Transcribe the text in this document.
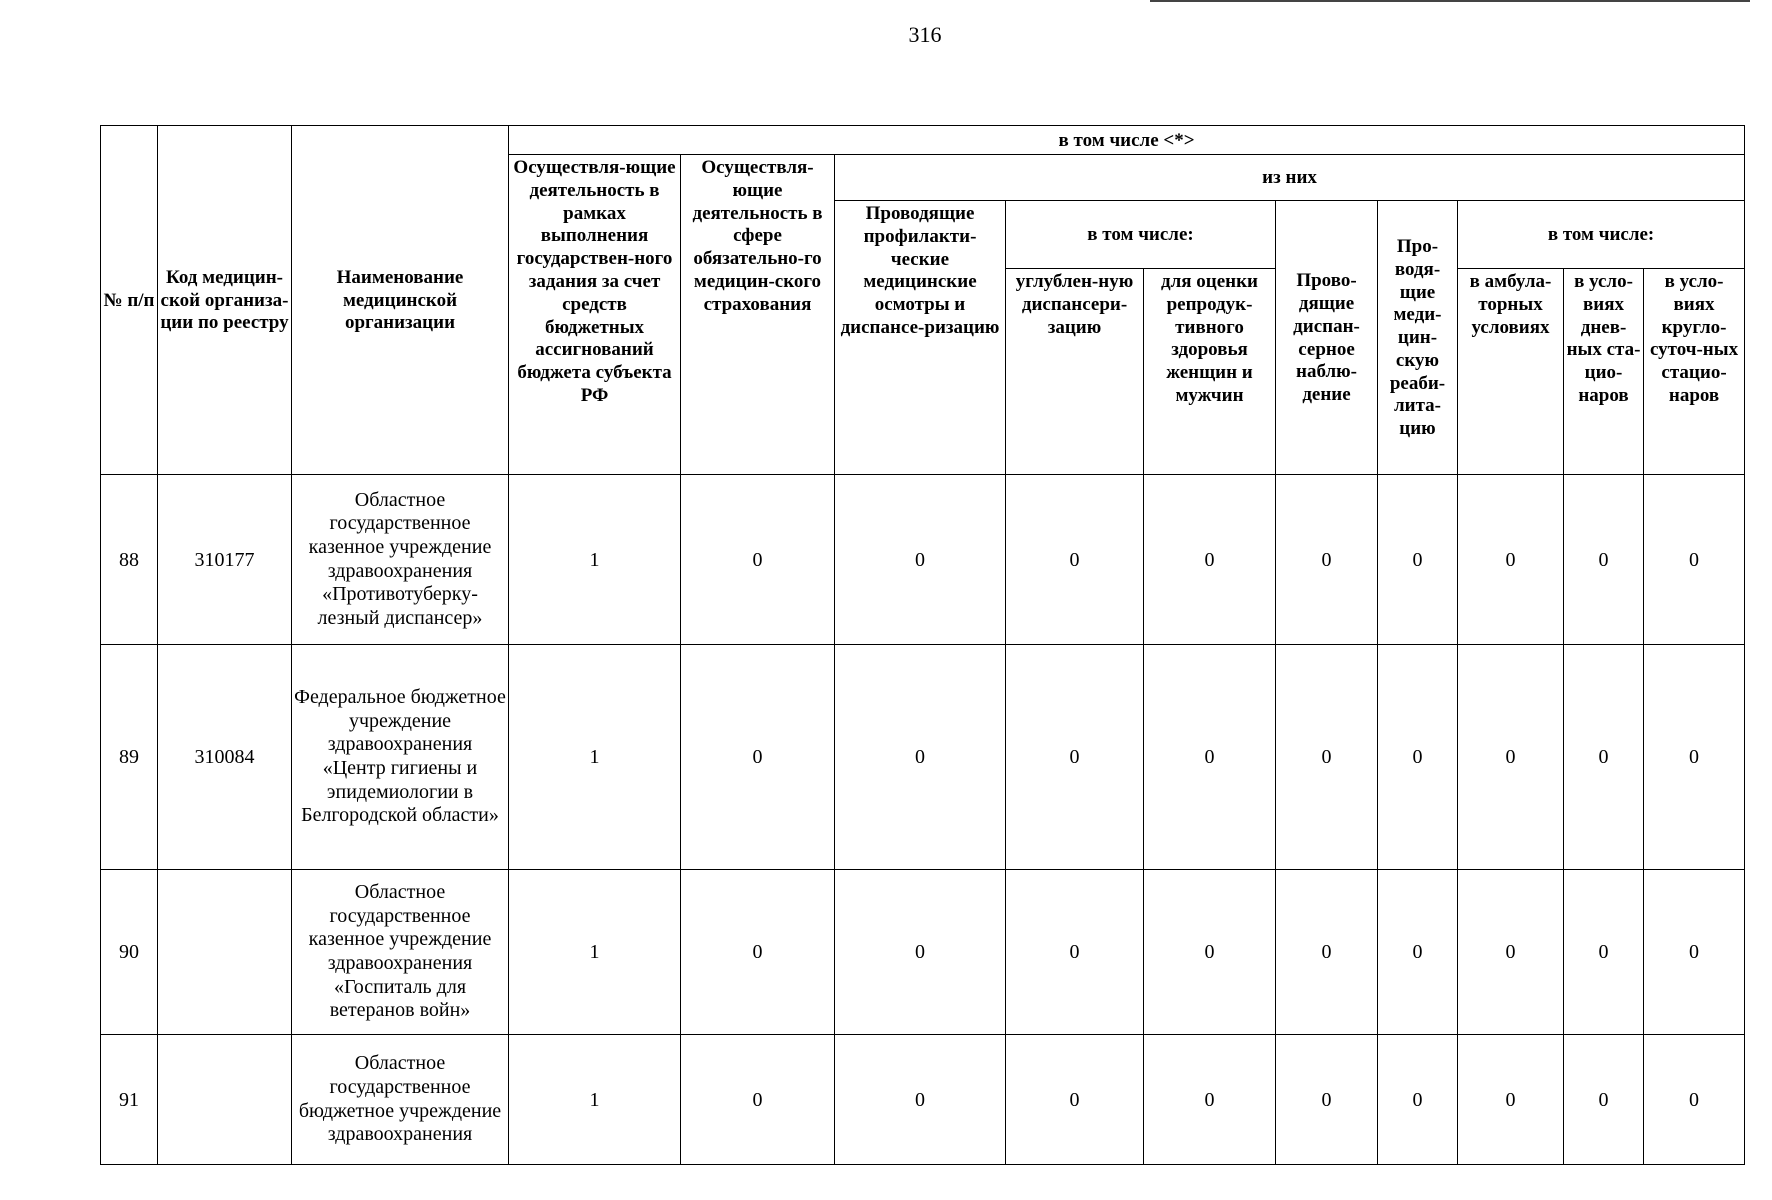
316
№ п/п	Код медицин-ской организа-ции по реестру	Наименование медицинской организации	в том числе <*>									
			Осуществля-ющие деятельность в рамках выполнения государствен-ного задания за счет средств бюджетных ассигнований бюджета субъекта РФ	Осуществля-ющие деятельность в сфере обязательно-го медицин-ского страхования	из них							
					Проводящие профилакти-ческие медицинские осмотры и диспансе-ризацию	в том числе:		Прово-дящие диспан-серное наблю-дение	Про-водя-щие меди-цин-скую реаби-лита-цию	в том числе:		
						углублен-ную диспансери-зацию	для оценки репродук-тивного здоровья женщин и мужчин			в амбула-торных условиях	в усло-виях днев-ных ста-цио-наров	в усло-виях кругло-суточ-ных стацио-наров
88	310177	Областное государственное казенное учреждение здравоохранения «Противотуберку-лезный диспансер»	1	0	0	0	0	0	0	0	0	0
89	310084	Федеральное бюджетное учреждение здравоохранения «Центр гигиены и эпидемиологии в Белгородской области»	1	0	0	0	0	0	0	0	0	0
90		Областное государственное казенное учреждение здравоохранения «Госпиталь для ветеранов войн»	1	0	0	0	0	0	0	0	0	0
91		Областное государственное бюджетное учреждение здравоохранения	1	0	0	0	0	0	0	0	0	0
